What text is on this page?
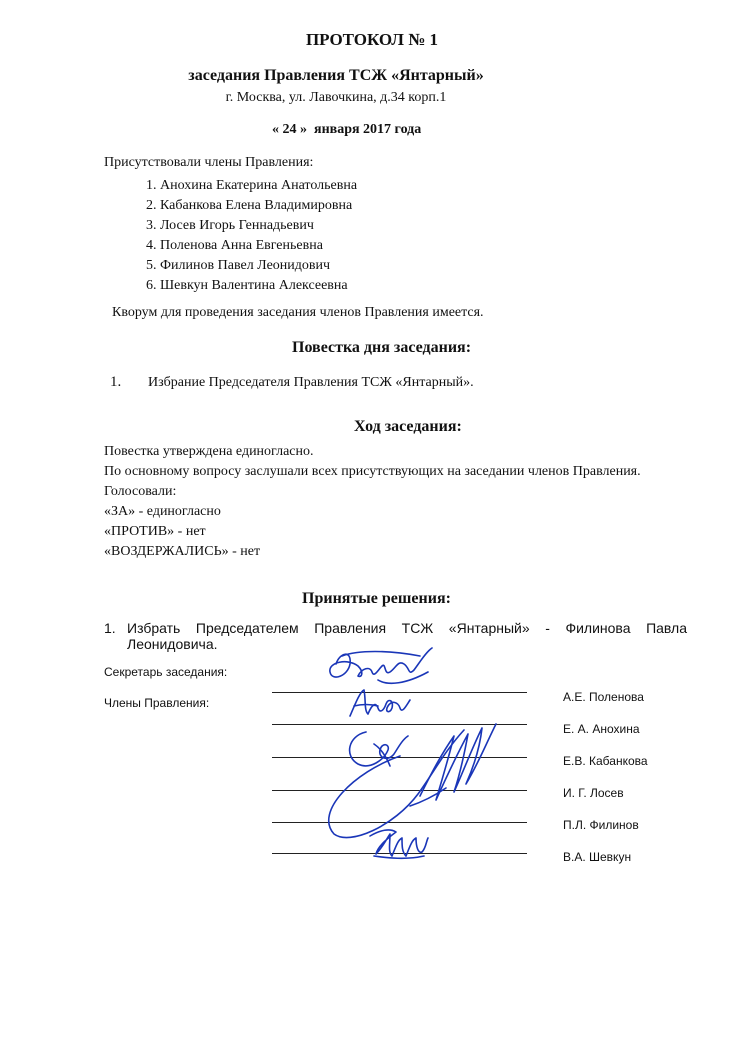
ПРОТОКОЛ № 1
заседания Правления ТСЖ «Янтарный»
г. Москва, ул. Лавочкина, д.34 корп.1
« 24 » января 2017 года
Присутствовали члены Правления:
1. Анохина Екатерина Анатольевна
2. Кабанкова Елена Владимировна
3. Лосев Игорь Геннадьевич
4. Поленова Анна Евгеньевна
5. Филинов Павел Леонидович
6. Шевкун Валентина Алексеевна
Кворум для проведения заседания членов Правления имеется.
Повестка дня заседания:
1. Избрание Председателя Правления ТСЖ «Янтарный».
Ход заседания:
Повестка утверждена единогласно.
По основному вопросу заслушали всех присутствующих на заседании членов Правления.
Голосовали:
«ЗА» - единогласно
«ПРОТИВ» - нет
«ВОЗДЕРЖАЛИСЬ» - нет
Принятые решения:
1. Избрать Председателем Правления ТСЖ «Янтарный» - Филинова Павла
Леонидовича.
Секретарь заседания:
Члены Правления:	А.Е. Поленова
Е. А. Анохина
Е.В. Кабанкова
И. Г. Лосев
П.Л. Филинов
В.А. Шевкун
